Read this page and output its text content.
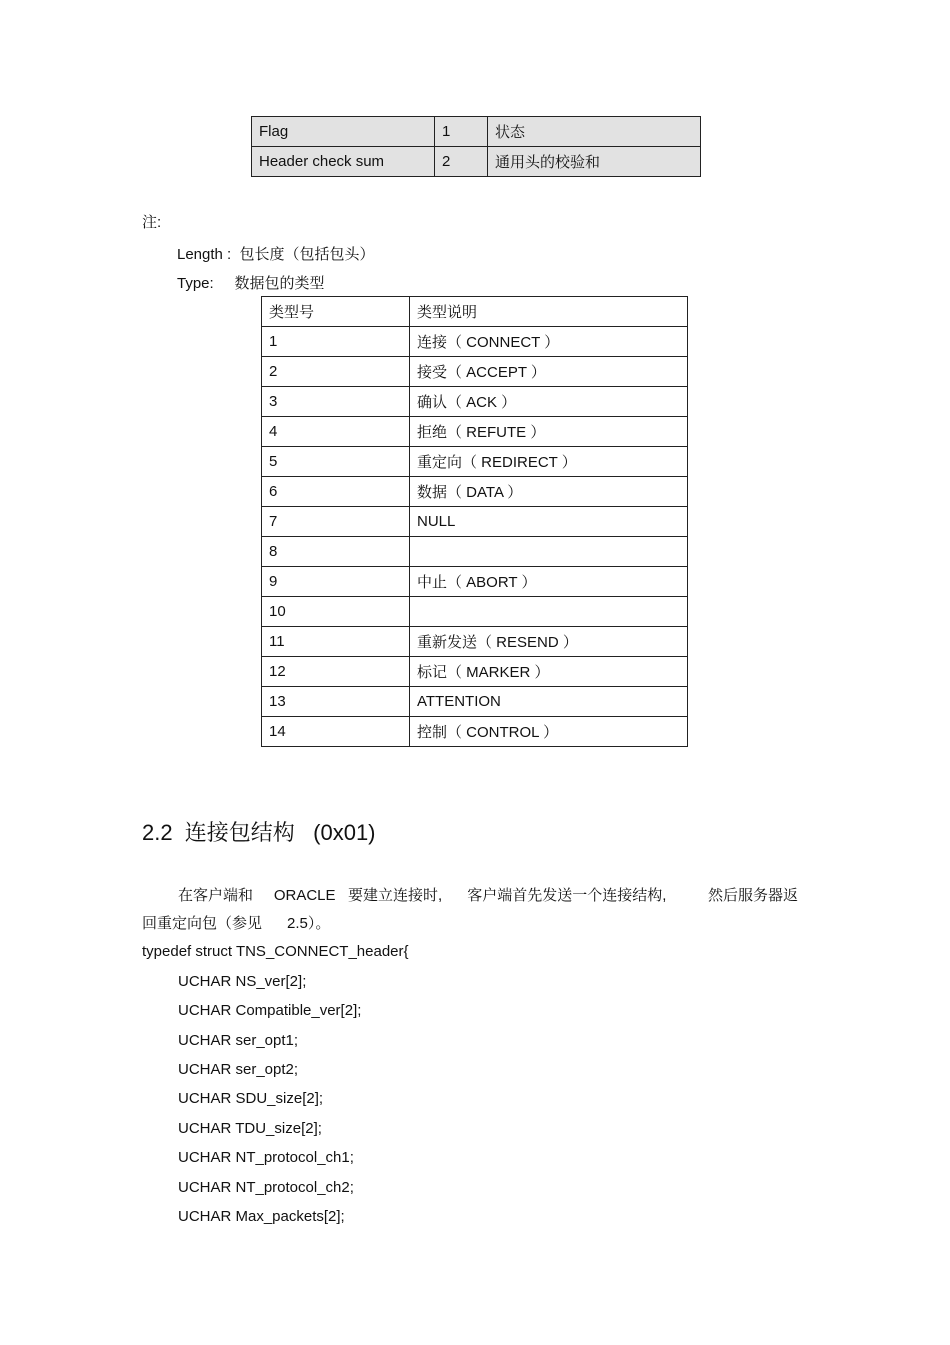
Flag	1	状态
Header check sum	2	通用头的校验和
注:
Length :  包长度（包括包头）
Type:     数据包的类型
类型号	类型说明
1	连接（ CONNECT ）
2	接受（ ACCEPT ）
3	确认（ ACK ）
4	拒绝（ REFUTE ）
5	重定向（ REDIRECT ）
6	数据（ DATA ）
7	NULL
8	
9	中止（ ABORT ）
10	
11	重新发送（ RESEND ）
12	标记（ MARKER ）
13	ATTENTION
14	控制（ CONTROL ）
2.2  连接包结构   (0x01)
在客户端和     ORACLE   要建立连接时,      客户端首先发送一个连接结构,          然后服务器返
回重定向包（参见      2.5）。
typedef struct TNS_CONNECT_header{
UCHAR NS_ver[2];
UCHAR Compatible_ver[2];
UCHAR ser_opt1;
UCHAR ser_opt2;
UCHAR SDU_size[2];
UCHAR TDU_size[2];
UCHAR NT_protocol_ch1;
UCHAR NT_protocol_ch2;
UCHAR Max_packets[2];
